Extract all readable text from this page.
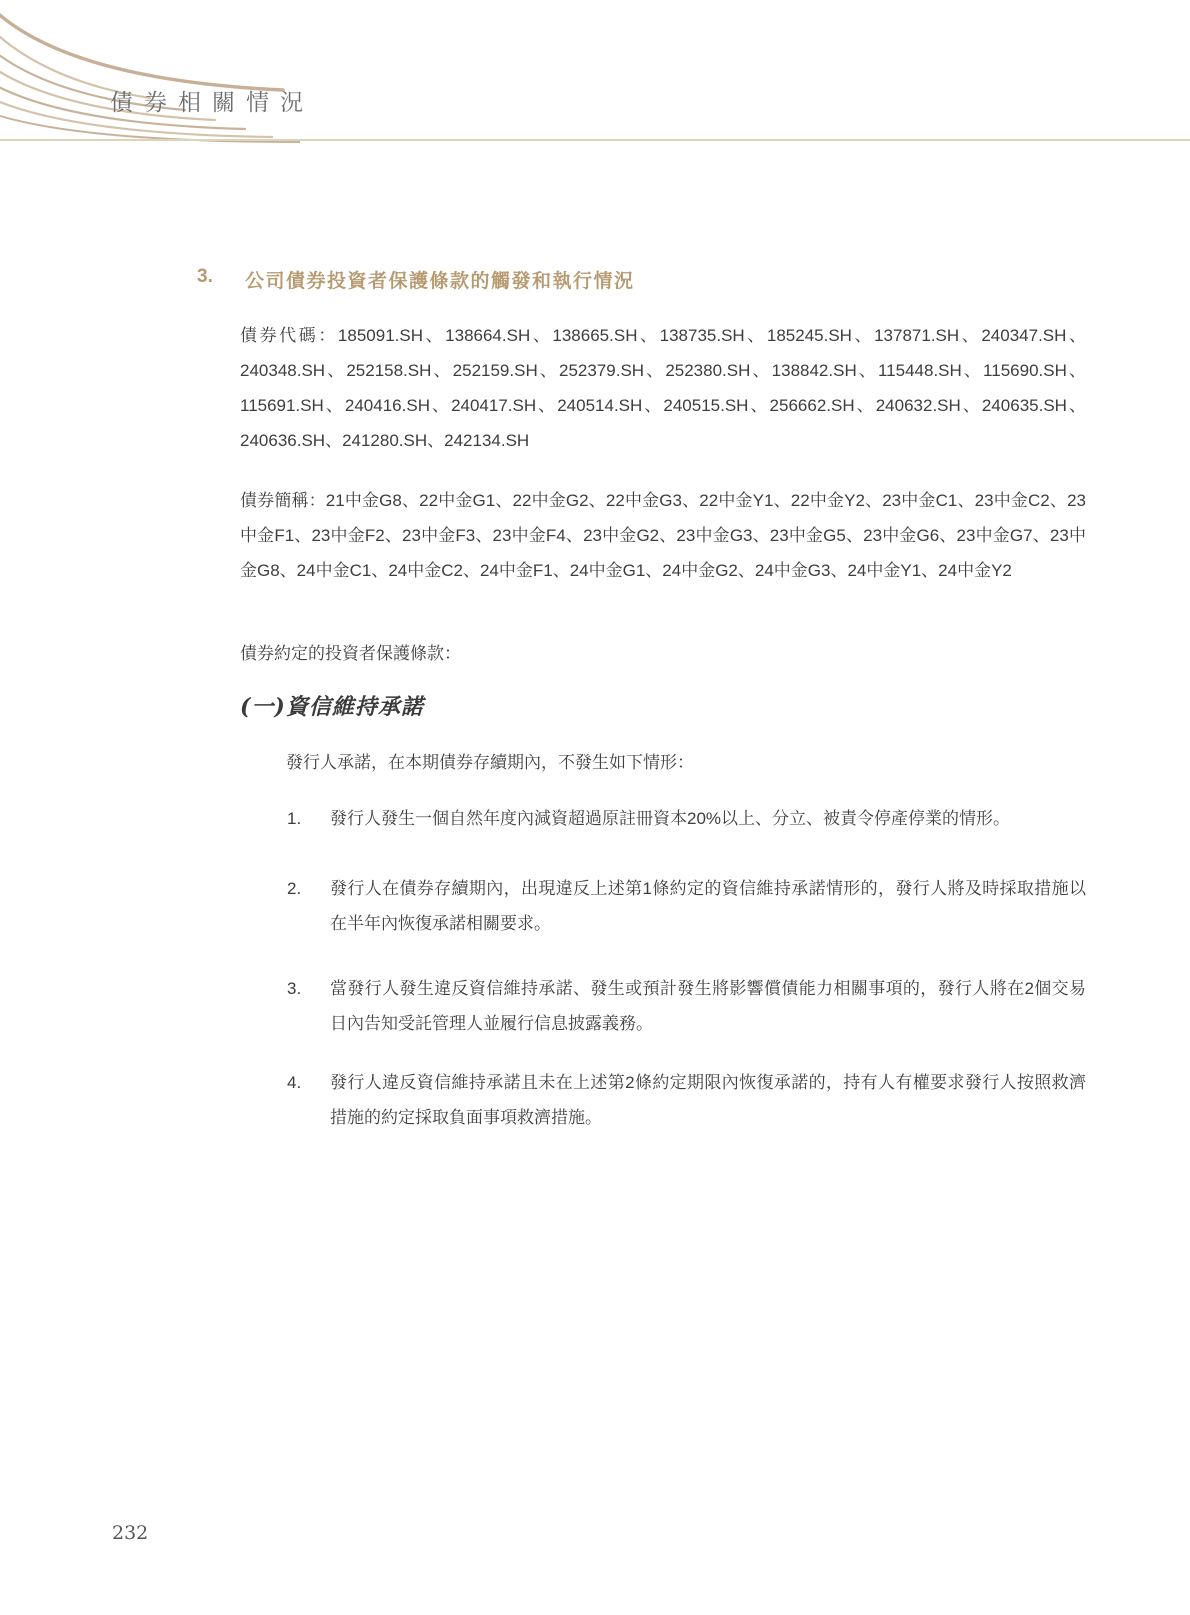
債券相關情況
3.	公司債券投資者保護條款的觸發和執行情況
債券代碼：185091.SH、138664.SH、138665.SH、138735.SH、185245.SH、137871.SH、240347.SH、240348.SH、252158.SH、252159.SH、252379.SH、252380.SH、138842.SH、115448.SH、115690.SH、115691.SH、240416.SH、240417.SH、240514.SH、240515.SH、256662.SH、240632.SH、240635.SH、240636.SH、241280.SH、242134.SH
債券簡稱：21中金G8、22中金G1、22中金G2、22中金G3、22中金Y1、22中金Y2、23中金C1、23中金C2、23中金F1、23中金F2、23中金F3、23中金F4、23中金G2、23中金G3、23中金G5、23中金G6、23中金G7、23中金G8、24中金C1、24中金C2、24中金F1、24中金G1、24中金G2、24中金G3、24中金Y1、24中金Y2
債券約定的投資者保護條款：
(一)資信維持承諾
發行人承諾，在本期債券存續期內，不發生如下情形：
1.	發行人發生一個自然年度內減資超過原註冊資本20%以上、分立、被責令停產停業的情形。
2.	發行人在債券存續期內，出現違反上述第1條約定的資信維持承諾情形的，發行人將及時採取措施以在半年內恢復承諾相關要求。
3.	當發行人發生違反資信維持承諾、發生或預計發生將影響償債能力相關事項的，發行人將在2個交易日內告知受託管理人並履行信息披露義務。
4.	發行人違反資信維持承諾且未在上述第2條約定期限內恢復承諾的，持有人有權要求發行人按照救濟措施的約定採取負面事項救濟措施。
232
